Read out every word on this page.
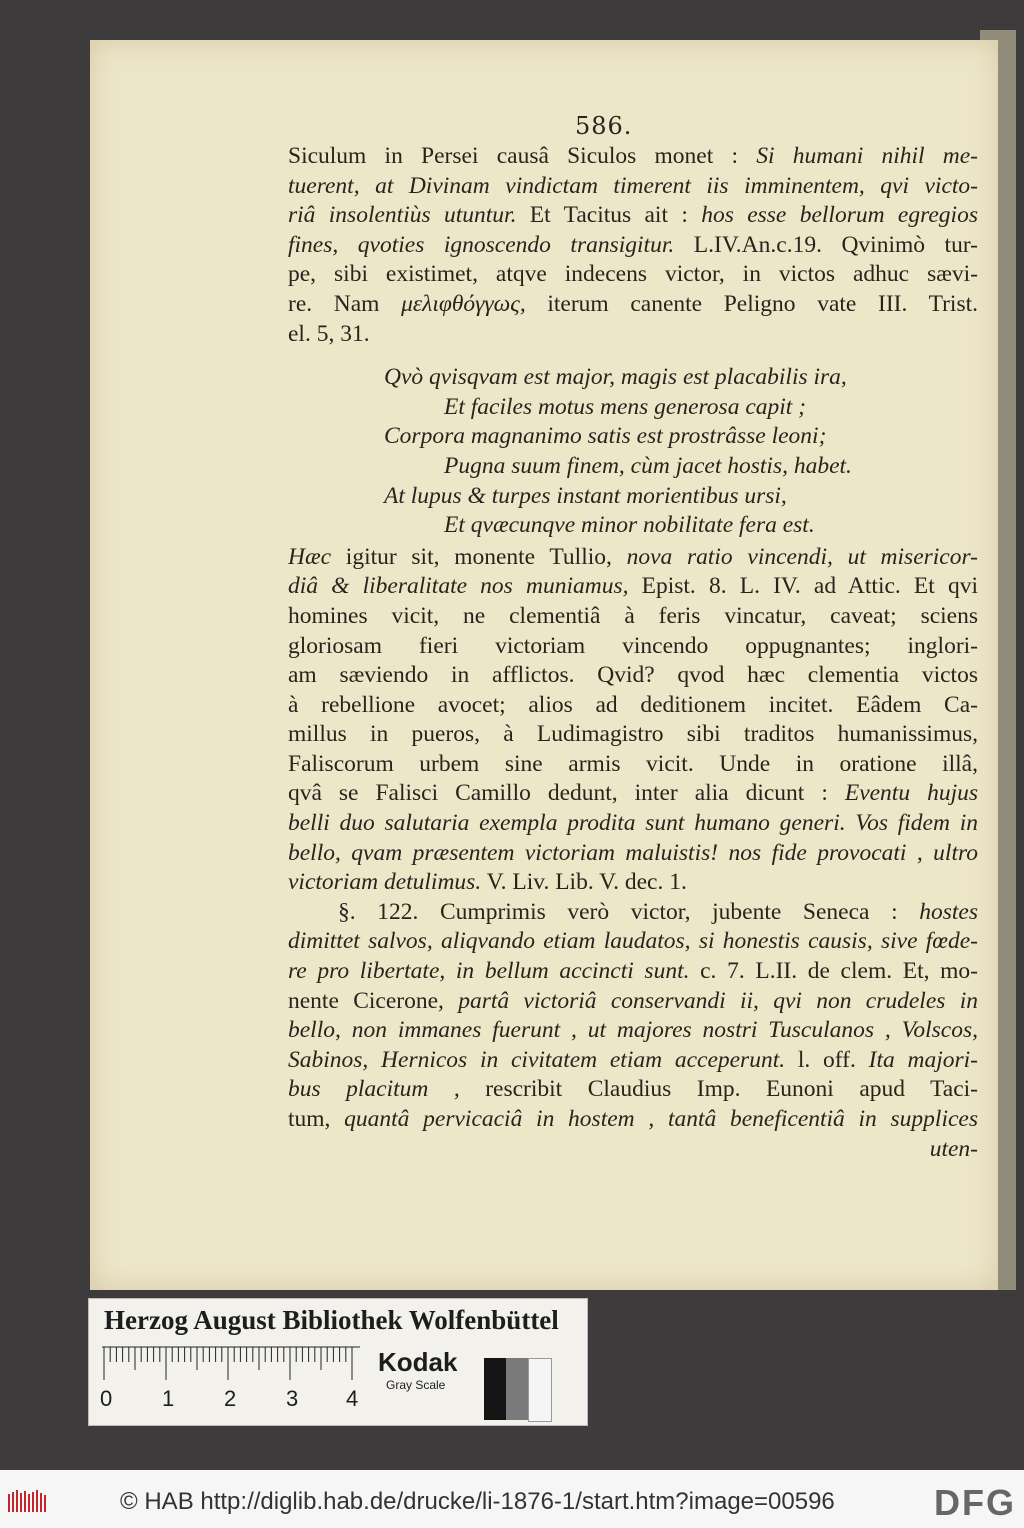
586.
Siculum in Persei causâ Siculos monet : Si humani nihil me-
tuerent, at Divinam vindictam timerent iis imminentem, qvi victo-
riâ insolentiùs utuntur. Et Tacitus ait : hos esse bellorum egregios
fines, qvoties ignoscendo transigitur. L.IV.An.c.19. Qvinimò tur-
pe, sibi existimet, atqve indecens victor, in victos adhuc sævi-
re. Nam μελιφθόγγως, iterum canente Peligno vate III. Trist.
el. 5, 31.
Qvò qvisqvam est major, magis est placabilis ira,
Et faciles motus mens generosa capit ;
Corpora magnanimo satis est prostrâsse leoni;
Pugna suum finem, cùm jacet hostis, habet.
At lupus & turpes instant morientibus ursi,
Et qvæcunqve minor nobilitate fera est.
Hæc igitur sit, monente Tullio, nova ratio vincendi, ut misericor-
diâ & liberalitate nos muniamus, Epist. 8. L. IV. ad Attic. Et qvi
homines vicit, ne clementiâ à feris vincatur, caveat; sciens
gloriosam fieri victoriam vincendo oppugnantes; inglori-
am sæviendo in afflictos. Qvid? qvod hæc clementia victos
à rebellione avocet; alios ad deditionem incitet. Eâdem Ca-
millus in pueros, à Ludimagistro sibi traditos humanissimus,
Faliscorum urbem sine armis vicit. Unde in oratione illâ,
qvâ se Falisci Camillo dedunt, inter alia dicunt : Eventu hujus
belli duo salutaria exempla prodita sunt humano generi. Vos fidem in
bello, qvam præsentem victoriam maluistis! nos fide provocati , ultro
victoriam detulimus. V. Liv. Lib. V. dec. 1.
§. 122. Cumprimis verò victor, jubente Seneca : hostes
dimittet salvos, aliqvando etiam laudatos, si honestis causis, sive fœde-
re pro libertate, in bellum accincti sunt. c. 7. L.II. de clem. Et, mo-
nente Cicerone, partâ victoriâ conservandi ii, qvi non crudeles in
bello, non immanes fuerunt , ut majores nostri Tusculanos , Volscos,
Sabinos, Hernicos in civitatem etiam acceperunt. l. off. Ita majori-
bus placitum , rescribit Claudius Imp. Eunoni apud Taci-
tum, quantâ pervicaciâ in hostem , tantâ beneficentiâ in supplices
uten-
Herzog August Bibliothek Wolfenbüttel
0 1 2 3 4
Kodak
Gray Scale
© HAB http://diglib.hab.de/drucke/li-1876-1/start.htm?image=00596	DFG
